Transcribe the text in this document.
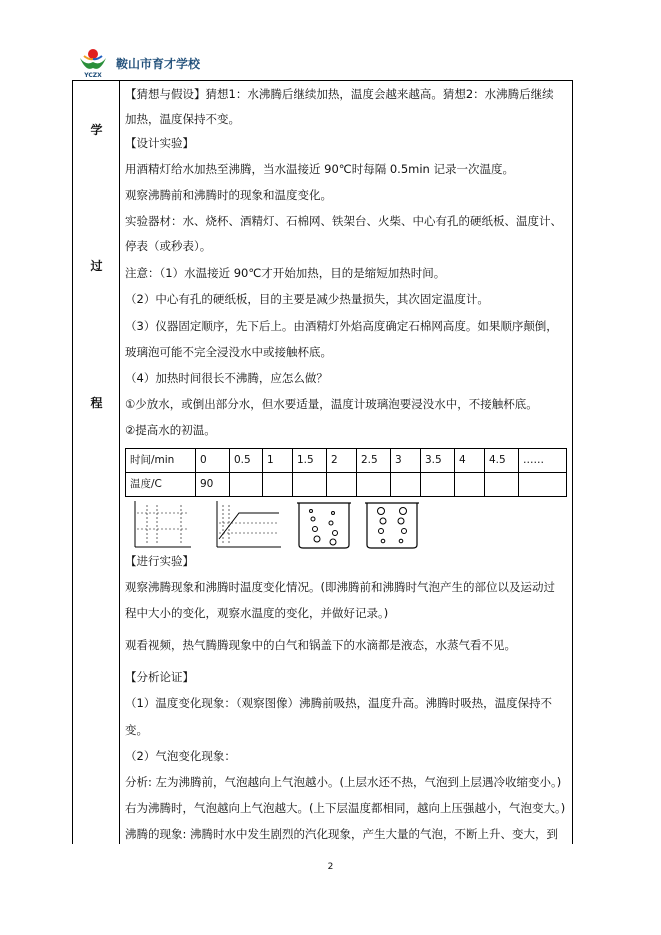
YCZX
鞍山市育才学校
学
过
程
【猜想与假设】猜想1：水沸腾后继续加热，温度会越来越高。猜想2：水沸腾后继续
加热，温度保持不变。
【设计实验】
用酒精灯给水加热至沸腾，当水温接近 90℃时每隔 0.5min 记录一次温度。
观察沸腾前和沸腾时的现象和温度变化。
实验器材：水、烧杯、酒精灯、石棉网、铁架台、火柴、中心有孔的硬纸板、温度计、
停表（或秒表）。
注意：（1）水温接近 90℃才开始加热，目的是缩短加热时间。
（2）中心有孔的硬纸板，目的主要是减少热量损失，其次固定温度计。
（3）仪器固定顺序，先下后上。由酒精灯外焰高度确定石棉网高度。如果顺序颠倒，
玻璃泡可能不完全浸没水中或接触杯底。
（4）加热时间很长不沸腾，应怎么做？
①少放水，或倒出部分水，但水要适量，温度计玻璃泡要浸没水中，不接触杯底。
②提高水的初温。
时间/min	0	0.5	1	1.5	2	2.5	3	3.5	4	4.5	……
温度/C	90										
【进行实验】
观察沸腾现象和沸腾时温度变化情况。(即沸腾前和沸腾时气泡产生的部位以及运动过
程中大小的变化，观察水温度的变化，并做好记录。)
观看视频，热气腾腾现象中的白气和锅盖下的水滴都是液态，水蒸气看不见。
【分析论证】
（1）温度变化现象：（观察图像）沸腾前吸热，温度升高。沸腾时吸热，温度保持不
变。
（2）气泡变化现象：
分析: 左为沸腾前，气泡越向上气泡越小。(上层水还不热，气泡到上层遇冷收缩变小。)
右为沸腾时，气泡越向上气泡越大。(上下层温度都相同，越向上压强越小，气泡变大。)
沸腾的现象: 沸腾时水中发生剧烈的汽化现象，产生大量的气泡，不断上升、变大，到
2
